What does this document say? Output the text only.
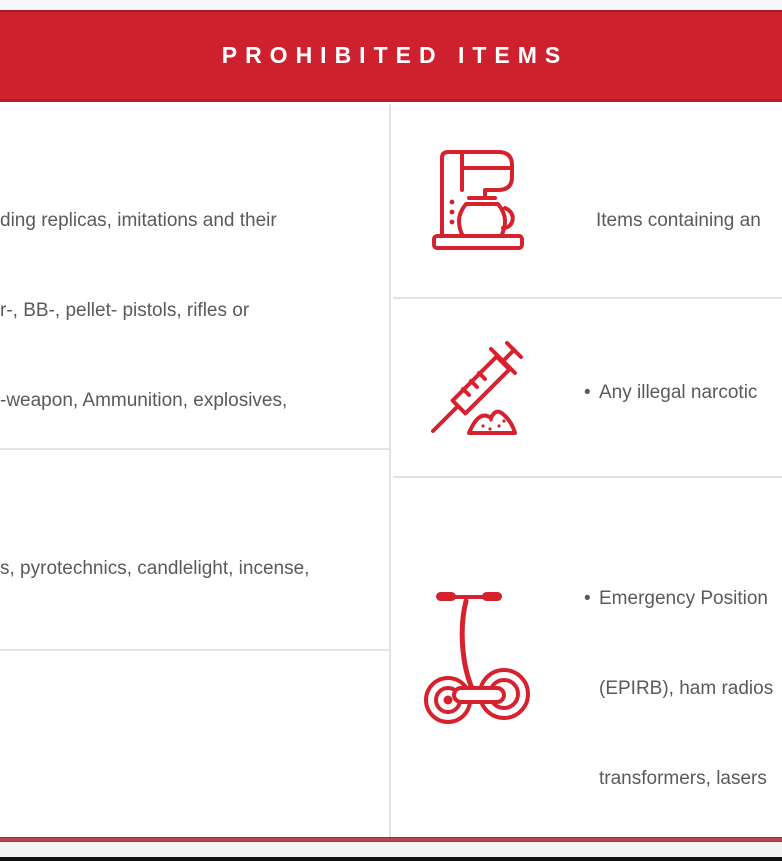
PROHIBITED ITEMS

ding replicas, imitations and their

r-, BB-, pellet- pistols, rifles or

-weapon, Ammunition, explosives,

s, pyrotechnics, candlelight, incense,

Items containing an

• Any illegal narcotic

• Emergency Position

(EPIRB), ham radios

transformers, lasers
